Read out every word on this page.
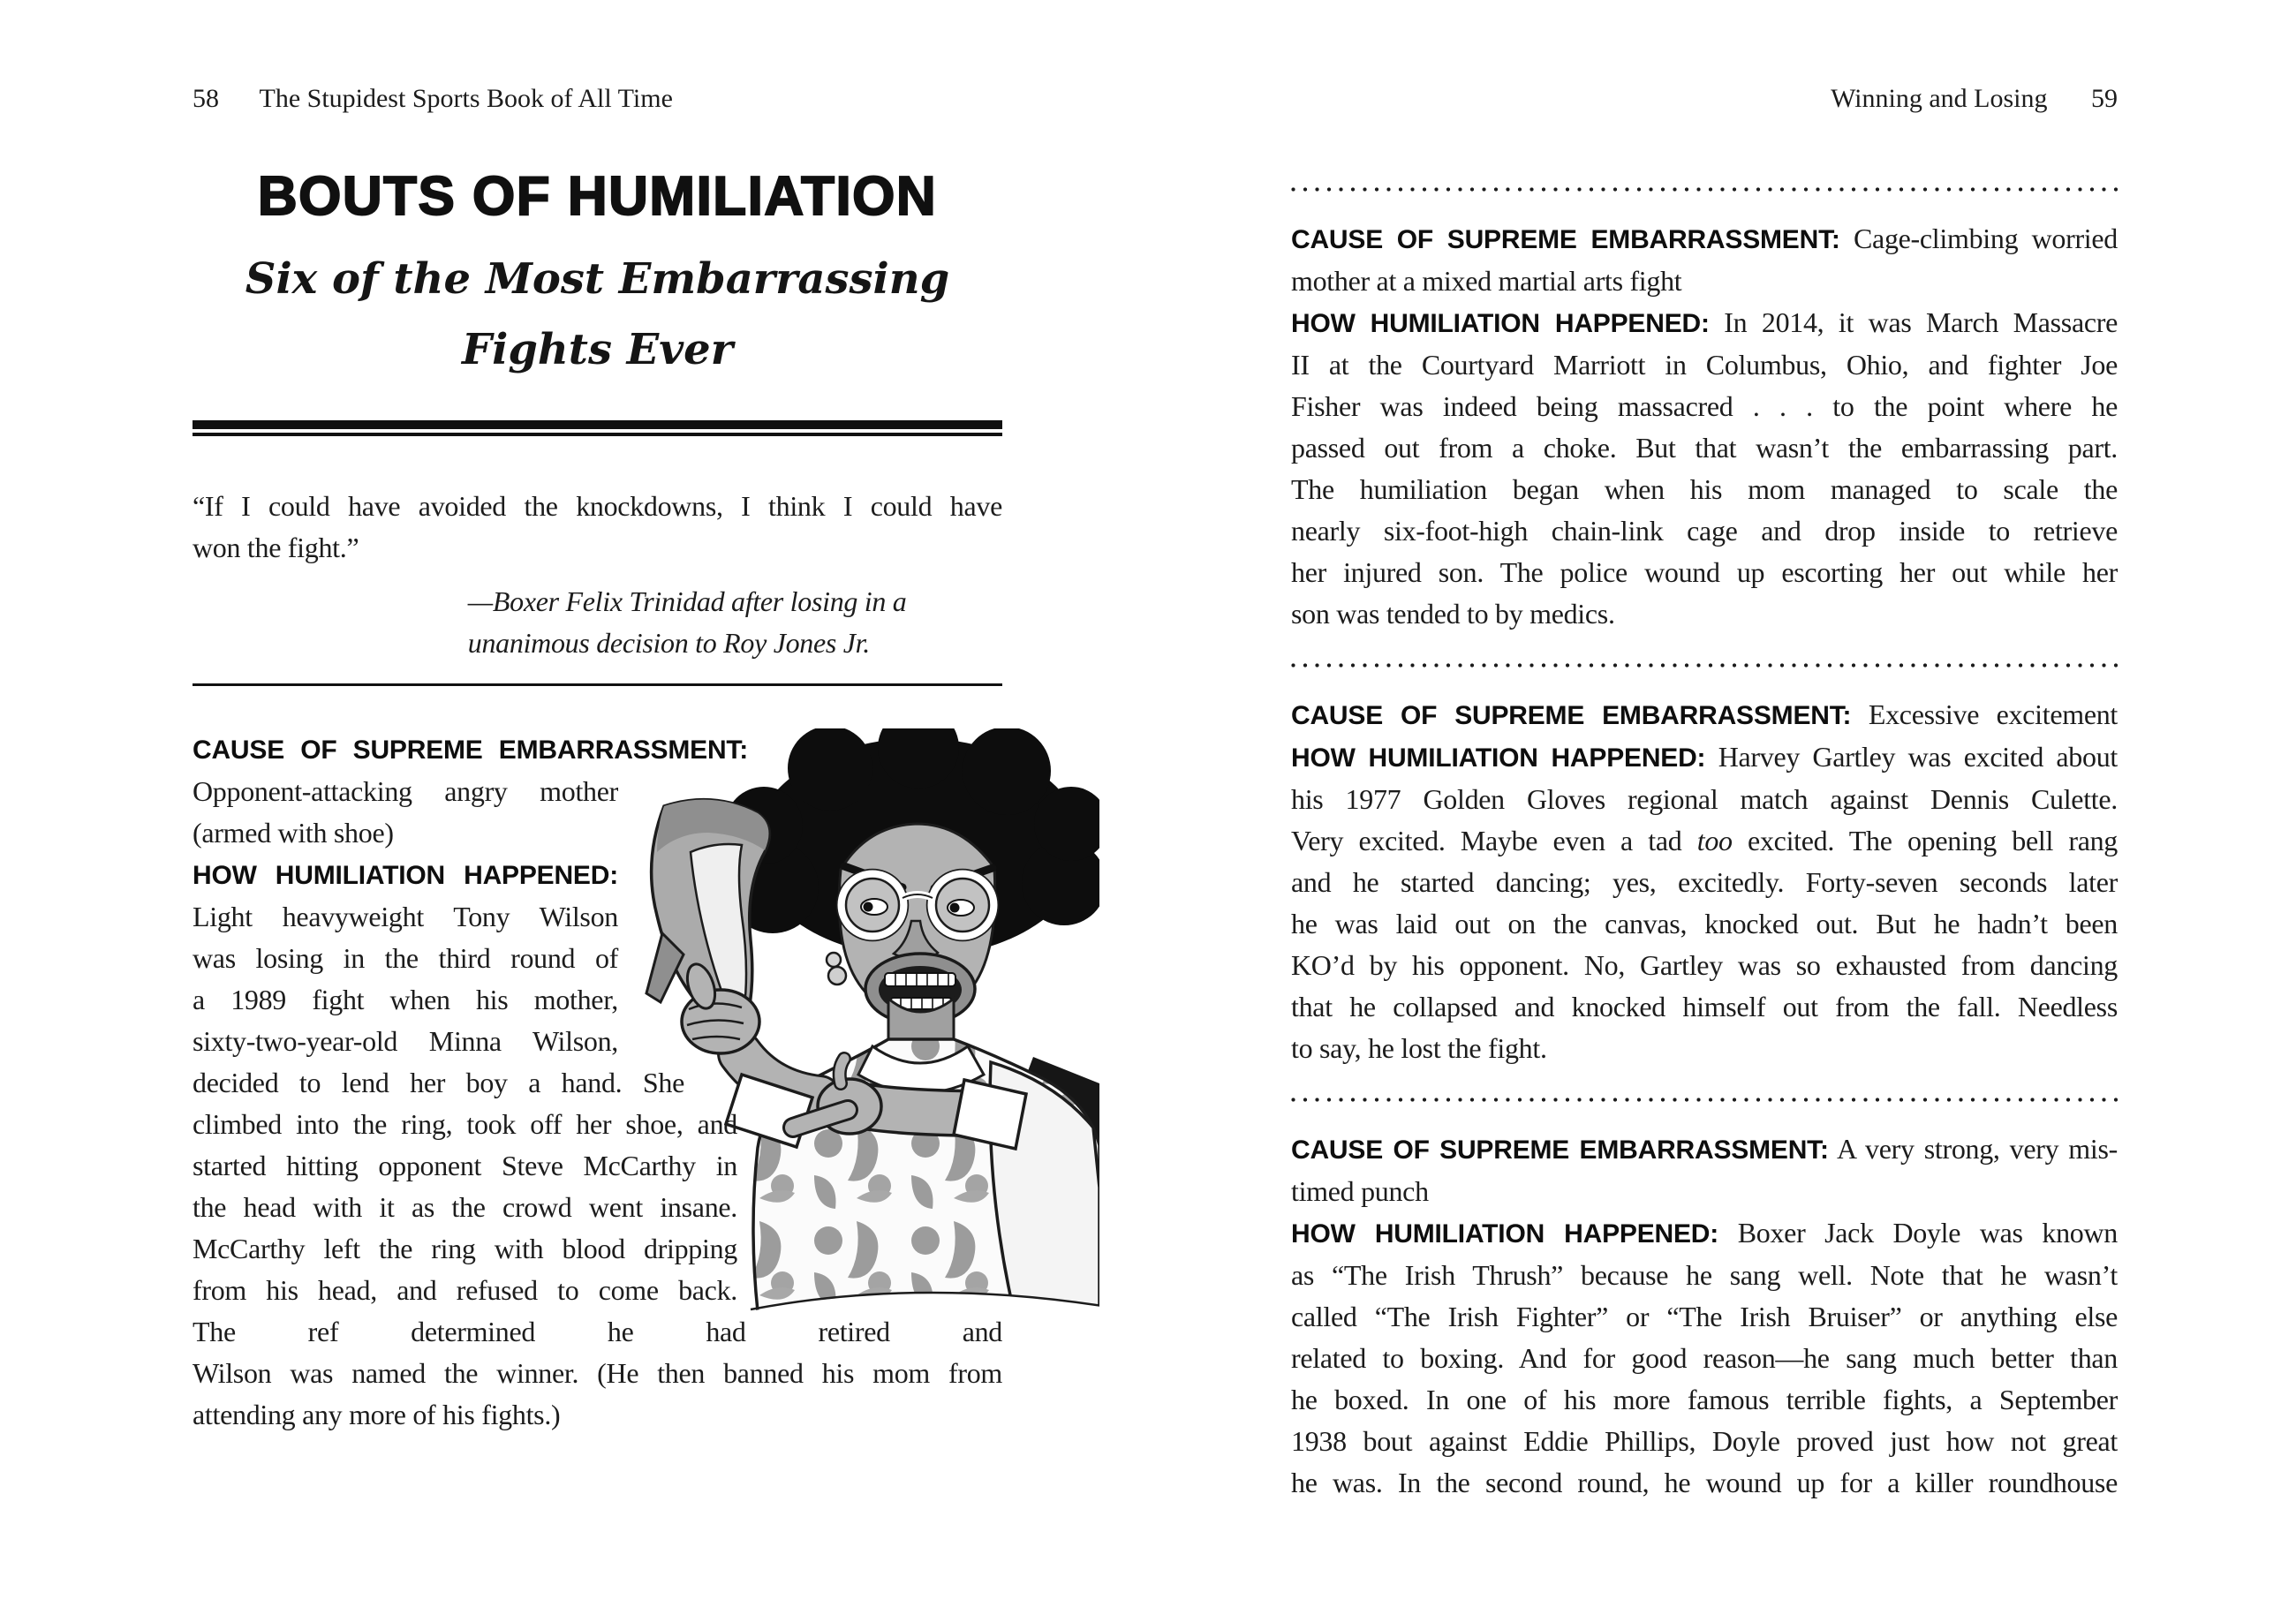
58 The Stupidest Sports Book of All Time	Winning and Losing 59
BOUTS OF HUMILIATION
Six of the Most Embarrassing
Fights Ever
“If I could have avoided the knockdowns, I think I could have
won the fight.”
—Boxer Felix Trinidad after losing in a
unanimous decision to Roy Jones Jr.
CAUSE OF SUPREME EMBARRASSMENT:
Opponent-attacking angry mother
(armed with shoe)
HOW HUMILIATION HAPPENED:
Light heavyweight Tony Wilson
was losing in the third round of
a 1989 fight when his mother,
sixty-two-year-old Minna Wilson,
decided to lend her boy a hand. She
climbed into the ring, took off her shoe, and
started hitting opponent Steve McCarthy in
the head with it as the crowd went insane.
McCarthy left the ring with blood dripping
from his head, and refused to come back.
The ref determined he had retired and
Wilson was named the winner. (He then banned his mom from
attending any more of his fights.)
CAUSE OF SUPREME EMBARRASSMENT: Cage-climbing worried
mother at a mixed martial arts fight
HOW HUMILIATION HAPPENED: In 2014, it was March Massacre
II at the Courtyard Marriott in Columbus, Ohio, and fighter Joe
Fisher was indeed being massacred . . . to the point where he
passed out from a choke. But that wasn’t the embarrassing part.
The humiliation began when his mom managed to scale the
nearly six-foot-high chain-link cage and drop inside to retrieve
her injured son. The police wound up escorting her out while her
son was tended to by medics.
CAUSE OF SUPREME EMBARRASSMENT: Excessive excitement
HOW HUMILIATION HAPPENED: Harvey Gartley was excited about
his 1977 Golden Gloves regional match against Dennis Culette.
Very excited. Maybe even a tad too excited. The opening bell rang
and he started dancing; yes, excitedly. Forty-seven seconds later
he was laid out on the canvas, knocked out. But he hadn’t been
KO’d by his opponent. No, Gartley was so exhausted from dancing
that he collapsed and knocked himself out from the fall. Needless
to say, he lost the fight.
CAUSE OF SUPREME EMBARRASSMENT: A very strong, very mis-
timed punch
HOW HUMILIATION HAPPENED: Boxer Jack Doyle was known
as “The Irish Thrush” because he sang well. Note that he wasn’t
called “The Irish Fighter” or “The Irish Bruiser” or anything else
related to boxing. And for good reason—he sang much better than
he boxed. In one of his more famous terrible fights, a September
1938 bout against Eddie Phillips, Doyle proved just how not great
he was. In the second round, he wound up for a killer roundhouse
